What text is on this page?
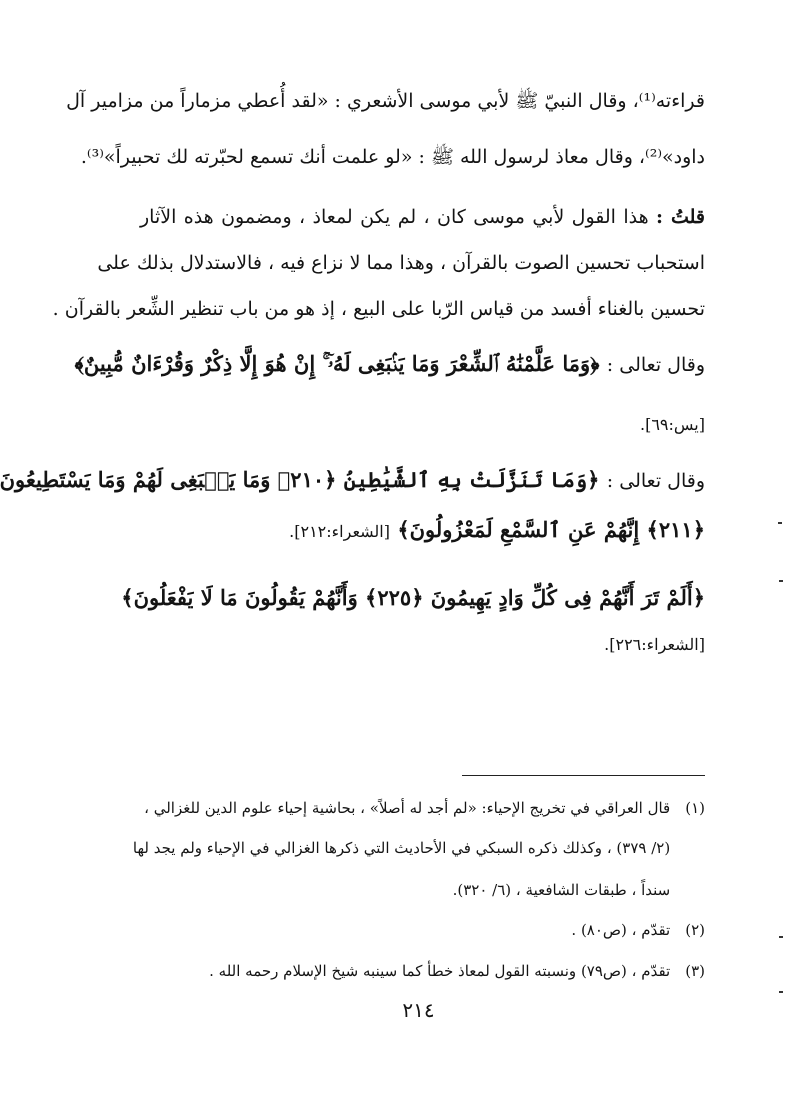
قراءته⁽¹⁾، وقال النبيّ ﷺ لأبي موسى الأشعري : «لقد أُعطي مزماراً من مزامير آل
داود»⁽²⁾، وقال معاذ لرسول الله ﷺ : «لو علمت أنك تسمع لحبّرته لك تحبيراً»⁽³⁾.
قلتُ : هذا القول لأبي موسى كان ، لم يكن لمعاذ ، ومضمون هذه الآثار
استحباب تحسين الصوت بالقرآن ، وهذا مما لا نزاع فيه ، فالاستدلال بذلك على
تحسين بالغناء أفسد من قياس الرّبا على البيع ، إذ هو من باب تنظير الشِّعر بالقرآن .
وقال تعالى : ﴿وَمَا عَلَّمْنَٰهُ ٱلشِّعْرَ وَمَا يَنۢبَغِى لَهُۥٓ ۚ إِنْ هُوَ إِلَّا ذِكْرٌ وَقُرْءَانٌ مُّبِينٌ﴾
[يس:٦٩].
وقال تعالى : ﴿وَمَا تَنَزَّلَتْ بِهِ ٱلشَّيَٰطِينُ ﴿٢١٠﴾ وَمَا يَنۢبَغِى لَهُمْ وَمَا يَسْتَطِيعُونَ
﴿٢١١﴾ إِنَّهُمْ عَنِ ٱلسَّمْعِ لَمَعْزُولُونَ﴾ [الشعراء:٢١٢].
﴿أَلَمْ تَرَ أَنَّهُمْ فِى كُلِّ وَادٍ يَهِيمُونَ ﴿٢٢٥﴾ وَأَنَّهُمْ يَقُولُونَ مَا لَا يَفْعَلُونَ﴾
[الشعراء:٢٢٦].
(١) قال العراقي في تخريج الإحياء: «لم أجد له أصلاً» ، بحاشية إحياء علوم الدين للغزالي ،
(٢/ ٣٧٩) ، وكذلك ذكره السبكي في الأحاديث التي ذكرها الغزالي في الإحياء ولم يجد لها
سنداً ، طبقات الشافعية ، (٦/ ٣٢٠).
(٢) تقدّم ، (ص٨٠) .
(٣) تقدّم ، (ص٧٩) ونسبته القول لمعاذ خطأ كما سينبه شيخ الإسلام رحمه الله .
٢١٤
